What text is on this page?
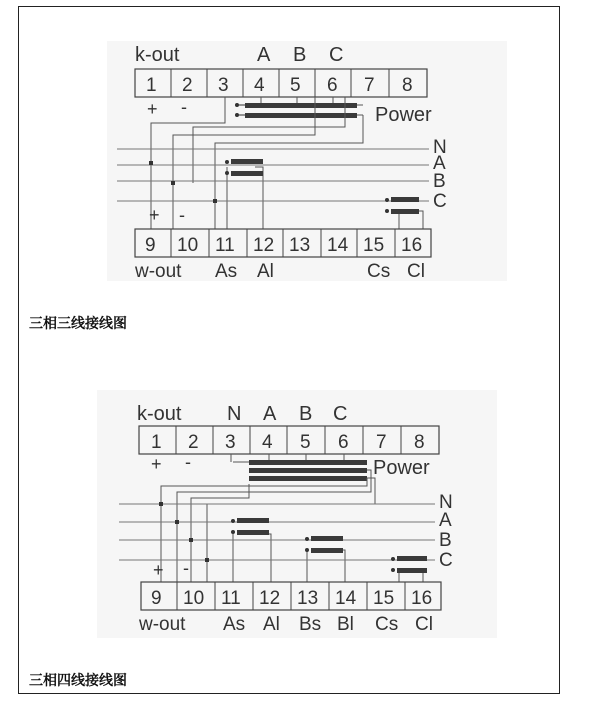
k-out	A B C
1 2 3 4 5 6 7 8
+ -	Power
N
A
B
C
+ -
9 10 11 12 13 14 15 16
w-out As Al	Cs Cl
三相三线接线图
k-out N A B C
1 2 3 4 5 6 7 8
+ -	Power
N
A
B
C
+ -
9 10 11 12 13 14 15 16
w-out As Al Bs Bl Cs Cl
三相四线接线图
